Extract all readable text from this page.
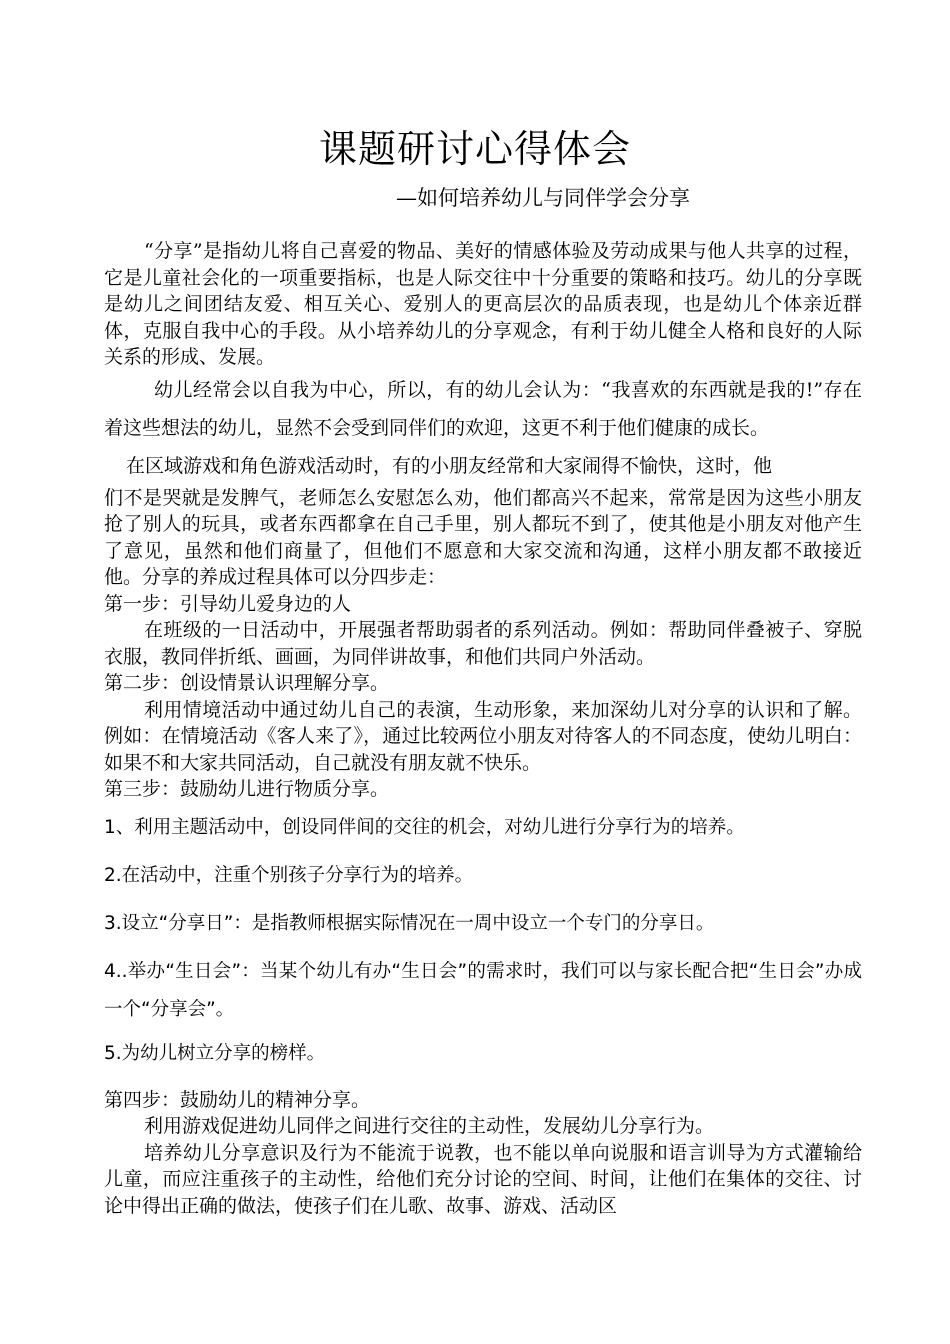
课题研讨心得体会
—如何培养幼儿与同伴学会分享

“分享”是指幼儿将自己喜爱的物品、美好的情感体验及劳动成果与他人共享的过程，它是儿童社会化的一项重要指标，也是人际交往中十分重要的策略和技巧。幼儿的分享既是幼儿之间团结友爱、相互关心、爱别人的更高层次的品质表现，也是幼儿个体亲近群体，克服自我中心的手段。从小培养幼儿的分享观念，有利于幼儿健全人格和良好的人际关系的形成、发展。

幼儿经常会以自我为中心，所以，有的幼儿会认为：“我喜欢的东西就是我的!”存在着这些想法的幼儿，显然不会受到同伴们的欢迎，这更不利于他们健康的成长。

在区域游戏和角色游戏活动时，有的小朋友经常和大家闹得不愉快，这时，他

们不是哭就是发脾气，老师怎么安慰怎么劝，他们都高兴不起来，常常是因为这些小朋友抢了别人的玩具，或者东西都拿在自己手里，别人都玩不到了，使其他是小朋友对他产生了意见，虽然和他们商量了，但他们不愿意和大家交流和沟通，这样小朋友都不敢接近他。分享的养成过程具体可以分四步走：

第一步：引导幼儿爱身边的人

在班级的一日活动中，开展强者帮助弱者的系列活动。例如：帮助同伴叠被子、穿脱衣服，教同伴折纸、画画，为同伴讲故事，和他们共同户外活动。

第二步：创设情景认识理解分享。

利用情境活动中通过幼儿自己的表演，生动形象，来加深幼儿对分享的认识和了解。例如：在情境活动《客人来了》，通过比较两位小朋友对待客人的不同态度，使幼儿明白：如果不和大家共同活动，自己就没有朋友就不快乐。

第三步：鼓励幼儿进行物质分享。

1、利用主题活动中，创设同伴间的交往的机会，对幼儿进行分享行为的培养。

2.在活动中，注重个别孩子分享行为的培养。

3.设立“分享日”：是指教师根据实际情况在一周中设立一个专门的分享日。

4..举办“生日会”：当某个幼儿有办“生日会”的需求时，我们可以与家长配合把“生日会”办成一个“分享会”。

5.为幼儿树立分享的榜样。

第四步：鼓励幼儿的精神分享。

利用游戏促进幼儿同伴之间进行交往的主动性，发展幼儿分享行为。

培养幼儿分享意识及行为不能流于说教，也不能以单向说服和语言训导为方式灌输给儿童，而应注重孩子的主动性，给他们充分讨论的空间、时间，让他们在集体的交往、讨论中得出正确的做法，使孩子们在儿歌、故事、游戏、活动区
